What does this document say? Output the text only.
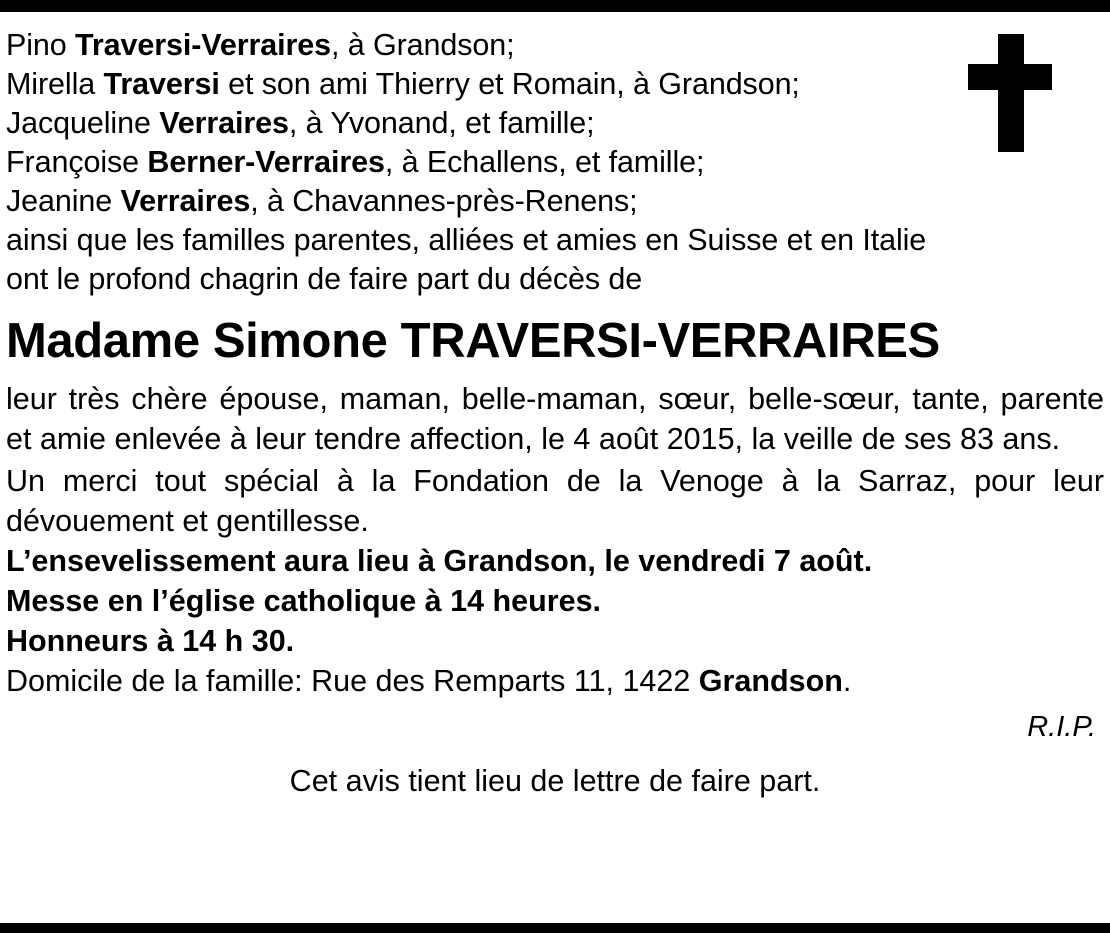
Pino Traversi-Verraires, à Grandson;
Mirella Traversi et son ami Thierry et Romain, à Grandson;
Jacqueline Verraires, à Yvonand, et famille;
Françoise Berner-Verraires, à Echallens, et famille;
Jeanine Verraires, à Chavannes-près-Renens;
ainsi que les familles parentes, alliées et amies en Suisse et en Italie
ont le profond chagrin de faire part du décès de
Madame Simone TRAVERSI-VERRAIRES

leur très chère épouse, maman, belle-maman, sœur, belle-sœur, tante, parente et amie enlevée à leur tendre affection, le 4 août 2015, la veille de ses 83 ans.

Un merci tout spécial à la Fondation de la Venoge à la Sarraz, pour leur dévouement et gentillesse.

L’ensevelissement aura lieu à Grandson, le vendredi 7 août.
Messe en l’église catholique à 14 heures.
Honneurs à 14 h 30.
Domicile de la famille: Rue des Remparts 11, 1422 Grandson.
R.I.P.
Cet avis tient lieu de lettre de faire part.
